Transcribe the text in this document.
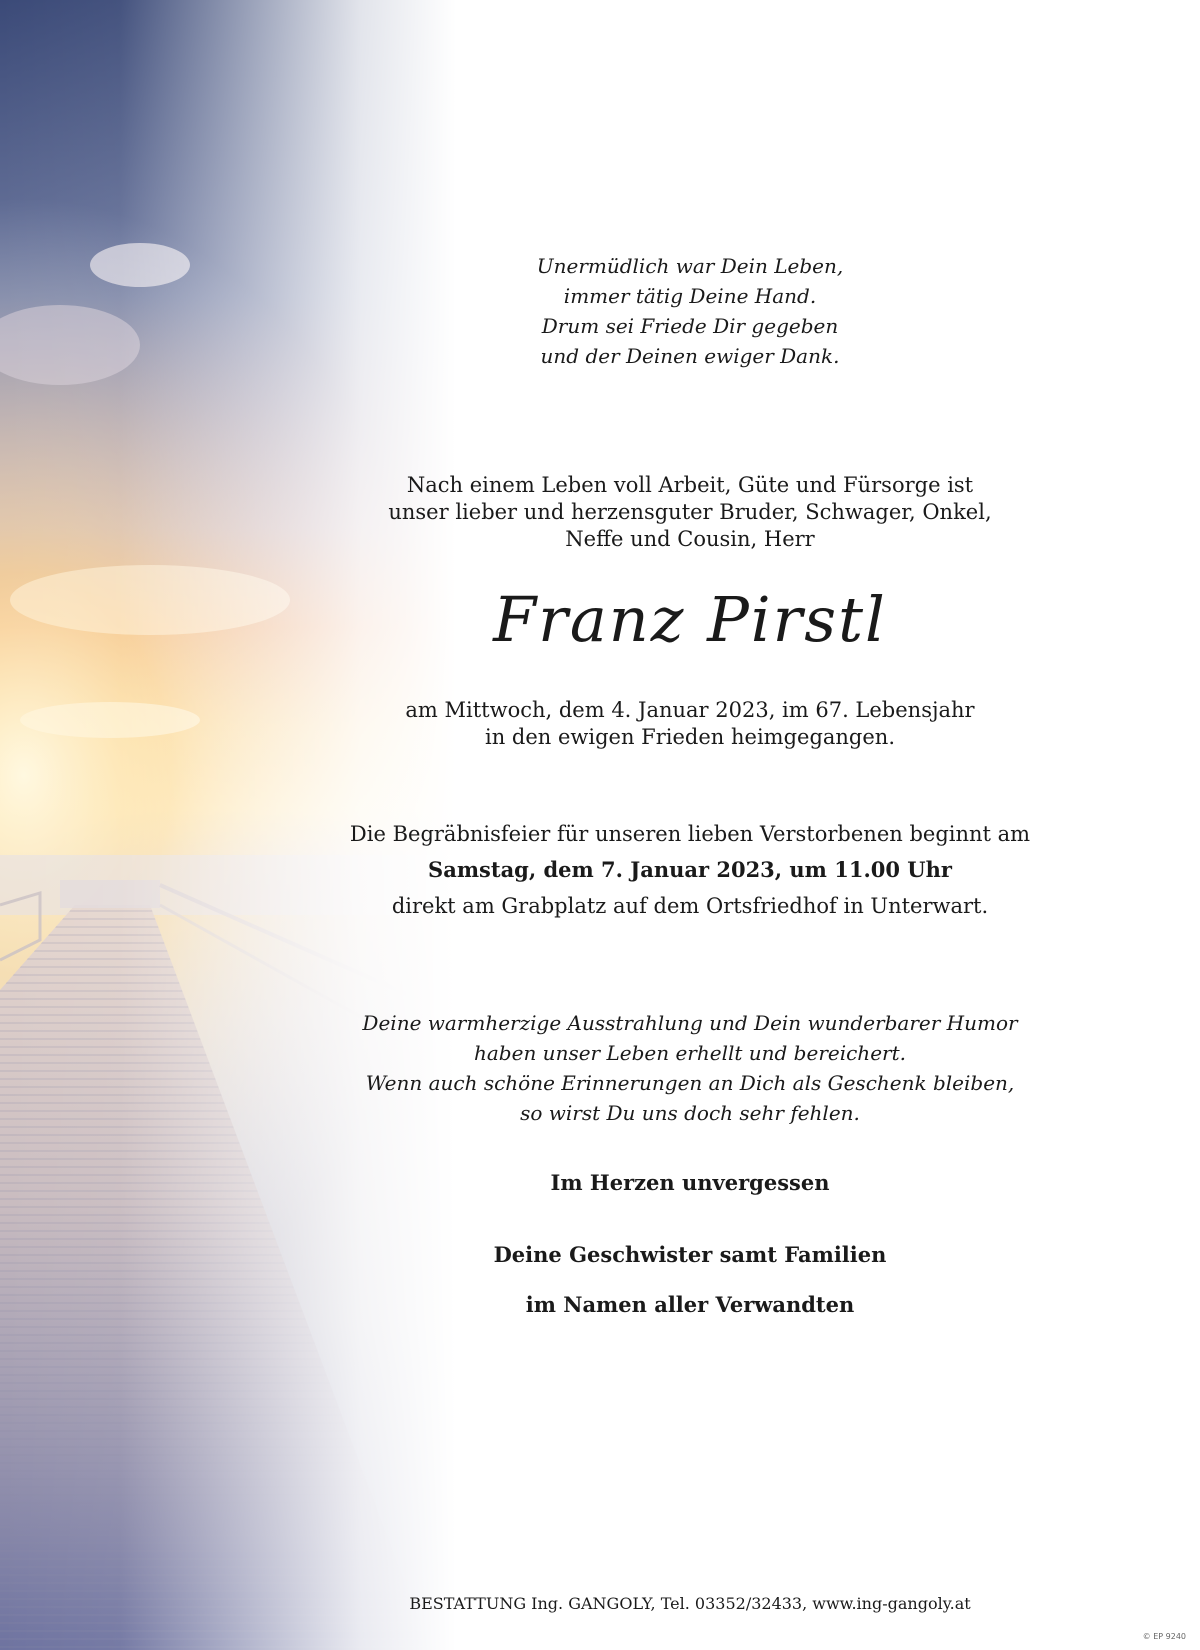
Unermüdlich war Dein Leben,

immer tätig Deine Hand.

Drum sei Friede Dir gegeben

und der Deinen ewiger Dank.

Nach einem Leben voll Arbeit, Güte und Fürsorge ist

unser lieber und herzensguter Bruder, Schwager, Onkel,

Neffe und Cousin, Herr

Franz Pirstl

am Mittwoch, dem 4. Januar 2023, im 67. Lebensjahr

in den ewigen Frieden heimgegangen.

Die Begräbnisfeier für unseren lieben Verstorbenen beginnt am

Samstag, dem 7. Januar 2023, um 11.00 Uhr

direkt am Grabplatz auf dem Ortsfriedhof in Unterwart.

Deine warmherzige Ausstrahlung und Dein wunderbarer Humor

haben unser Leben erhellt und bereichert.

Wenn auch schöne Erinnerungen an Dich als Geschenk bleiben,

so wirst Du uns doch sehr fehlen.

Im Herzen unvergessen

Deine Geschwister samt Familien

im Namen aller Verwandten

BESTATTUNG Ing. GANGOLY, Tel. 03352/32433, www.ing-gangoly.at
© EP 9240
